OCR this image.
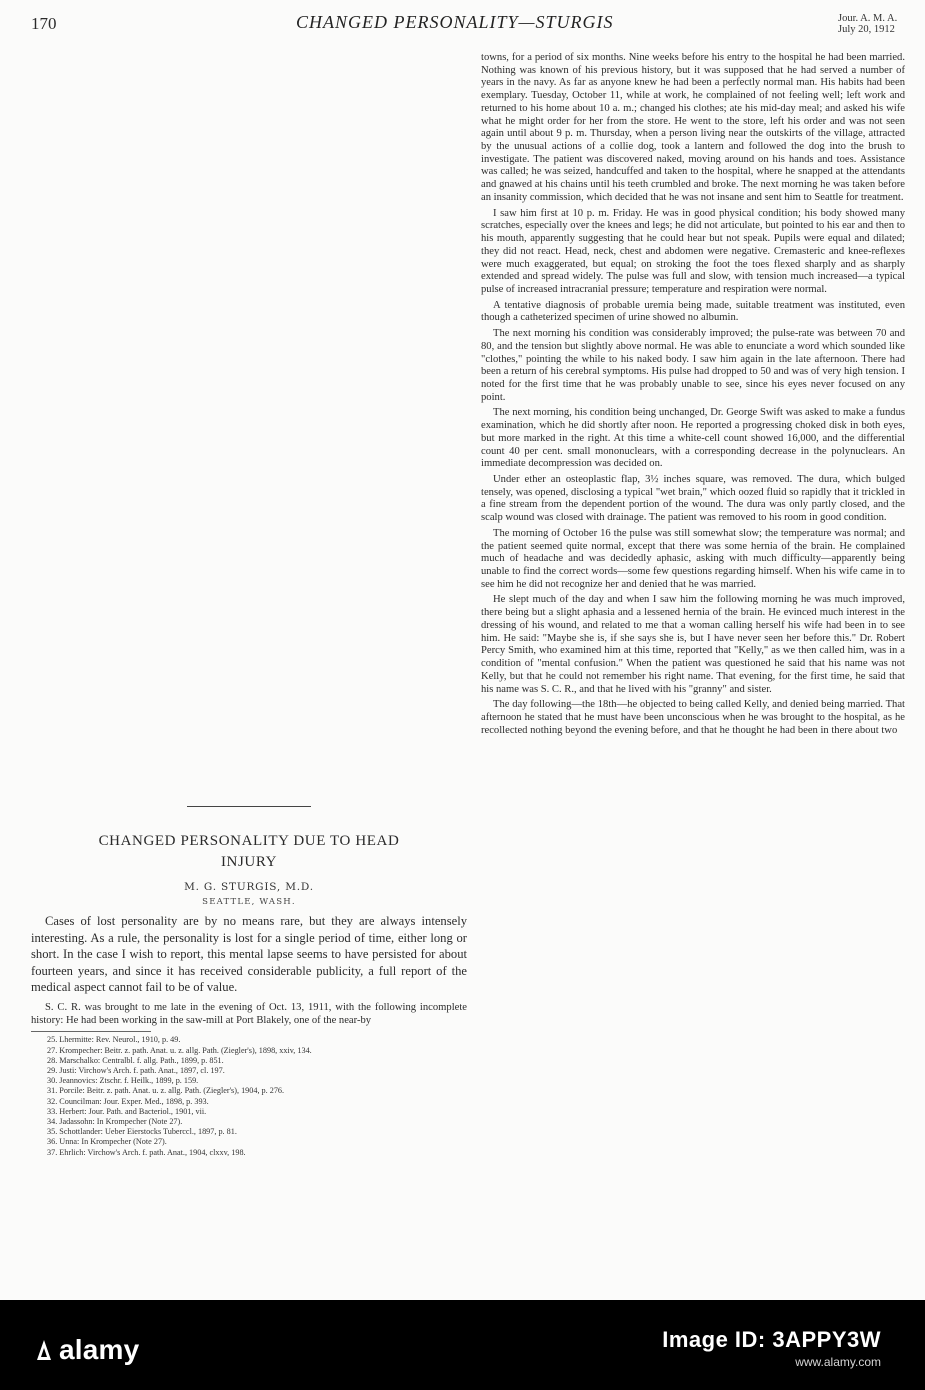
170	CHANGED PERSONALITY—STURGIS	Jour. A. M. A.
July 20, 1912
CHANGED PERSONALITY DUE TO HEAD INJURY
M. G. STURGIS, M.D.
SEATTLE, WASH.

Cases of lost personality are by no means rare, but they are always intensely interesting. As a rule, the personality is lost for a single period of time, either long or short. In the case I wish to report, this mental lapse seems to have persisted for about fourteen years, and since it has received considerable publicity, a full report of the medical aspect cannot fail to be of value.

S. C. R. was brought to me late in the evening of Oct. 13, 1911, with the following incomplete history: He had been working in the saw-mill at Port Blakely, one of the near-by

25. Lhermitte: Rev. Neurol., 1910, p. 49.
27. Krompecher: Beitr. z. path. Anat. u. z. allg. Path. (Ziegler's), 1898, xxiv, 134.
28. Marschalko: Centralbl. f. allg. Path., 1899, p. 851.
29. Justi: Virchow's Arch. f. path. Anat., 1897, cl. 197.
30. Jeannovics: Ztschr. f. Heilk., 1899, p. 159.
31. Porcile: Beitr. z. path. Anat. u. z. allg. Path. (Ziegler's), 1904, p. 276.
32. Councilman: Jour. Exper. Med., 1898, p. 393.
33. Herbert: Jour. Path. and Bacteriol., 1901, vii.
34. Jadassohn: In Krompecher (Note 27).
35. Schottlander: Ueber Eierstocks Tuberccl., 1897, p. 81.
36. Unna: In Krompecher (Note 27).
37. Ehrlich: Virchow's Arch. f. path. Anat., 1904, clxxv, 198.

towns, for a period of six months. Nine weeks before his entry to the hospital he had been married. Nothing was known of his previous history, but it was supposed that he had served a number of years in the navy. As far as anyone knew he had been a perfectly normal man. His habits had been exemplary. Tuesday, October 11, while at work, he complained of not feeling well; left work and returned to his home about 10 a. m.; changed his clothes; ate his mid-day meal; and asked his wife what he might order for her from the store. He went to the store, left his order and was not seen again until about 9 p. m. Thursday, when a person living near the outskirts of the village, attracted by the unusual actions of a collie dog, took a lantern and followed the dog into the brush to investigate. The patient was discovered naked, moving around on his hands and toes. Assistance was called; he was seized, handcuffed and taken to the hospital, where he snapped at the attendants and gnawed at his chains until his teeth crumbled and broke. The next morning he was taken before an insanity commission, which decided that he was not insane and sent him to Seattle for treatment.

I saw him first at 10 p. m. Friday. He was in good physical condition; his body showed many scratches, especially over the knees and legs; he did not articulate, but pointed to his ear and then to his mouth, apparently suggesting that he could hear but not speak. Pupils were equal and dilated; they did not react. Head, neck, chest and abdomen were negative. Cremasteric and knee-reflexes were much exaggerated, but equal; on stroking the foot the toes flexed sharply and as sharply extended and spread widely. The pulse was full and slow, with tension much increased—a typical pulse of increased intracranial pressure; temperature and respiration were normal.

A tentative diagnosis of probable uremia being made, suitable treatment was instituted, even though a catheterized specimen of urine showed no albumin.

The next morning his condition was considerably improved; the pulse-rate was between 70 and 80, and the tension but slightly above normal. He was able to enunciate a word which sounded like "clothes," pointing the while to his naked body. I saw him again in the late afternoon. There had been a return of his cerebral symptoms. His pulse had dropped to 50 and was of very high tension. I noted for the first time that he was probably unable to see, since his eyes never focused on any point.

The next morning, his condition being unchanged, Dr. George Swift was asked to make a fundus examination, which he did shortly after noon. He reported a progressing choked disk in both eyes, but more marked in the right. At this time a white-cell count showed 16,000, and the differential count 40 per cent. small mononuclears, with a corresponding decrease in the polynuclears. An immediate decompression was decided on.

Under ether an osteoplastic flap, 3½ inches square, was removed. The dura, which bulged tensely, was opened, disclosing a typical "wet brain," which oozed fluid so rapidly that it trickled in a fine stream from the dependent portion of the wound. The dura was only partly closed, and the scalp wound was closed with drainage. The patient was removed to his room in good condition.

The morning of October 16 the pulse was still somewhat slow; the temperature was normal; and the patient seemed quite normal, except that there was some hernia of the brain. He complained much of headache and was decidedly aphasic, asking with much difficulty—apparently being unable to find the correct words—some few questions regarding himself. When his wife came in to see him he did not recognize her and denied that he was married.

He slept much of the day and when I saw him the following morning he was much improved, there being but a slight aphasia and a lessened hernia of the brain. He evinced much interest in the dressing of his wound, and related to me that a woman calling herself his wife had been in to see him. He said: "Maybe she is, if she says she is, but I have never seen her before this." Dr. Robert Percy Smith, who examined him at this time, reported that "Kelly," as we then called him, was in a condition of "mental confusion." When the patient was questioned he said that his name was not Kelly, but that he could not remember his right name. That evening, for the first time, he said that his name was S. C. R., and that he lived with his "granny" and sister.

The day following—the 18th—he objected to being called Kelly, and denied being married. That afternoon he stated that he must have been unconscious when he was brought to the hospital, as he recollected nothing beyond the evening before, and that he thought he had been in there about two

alamy	Image ID: 3APPY3W
www.alamy.com
